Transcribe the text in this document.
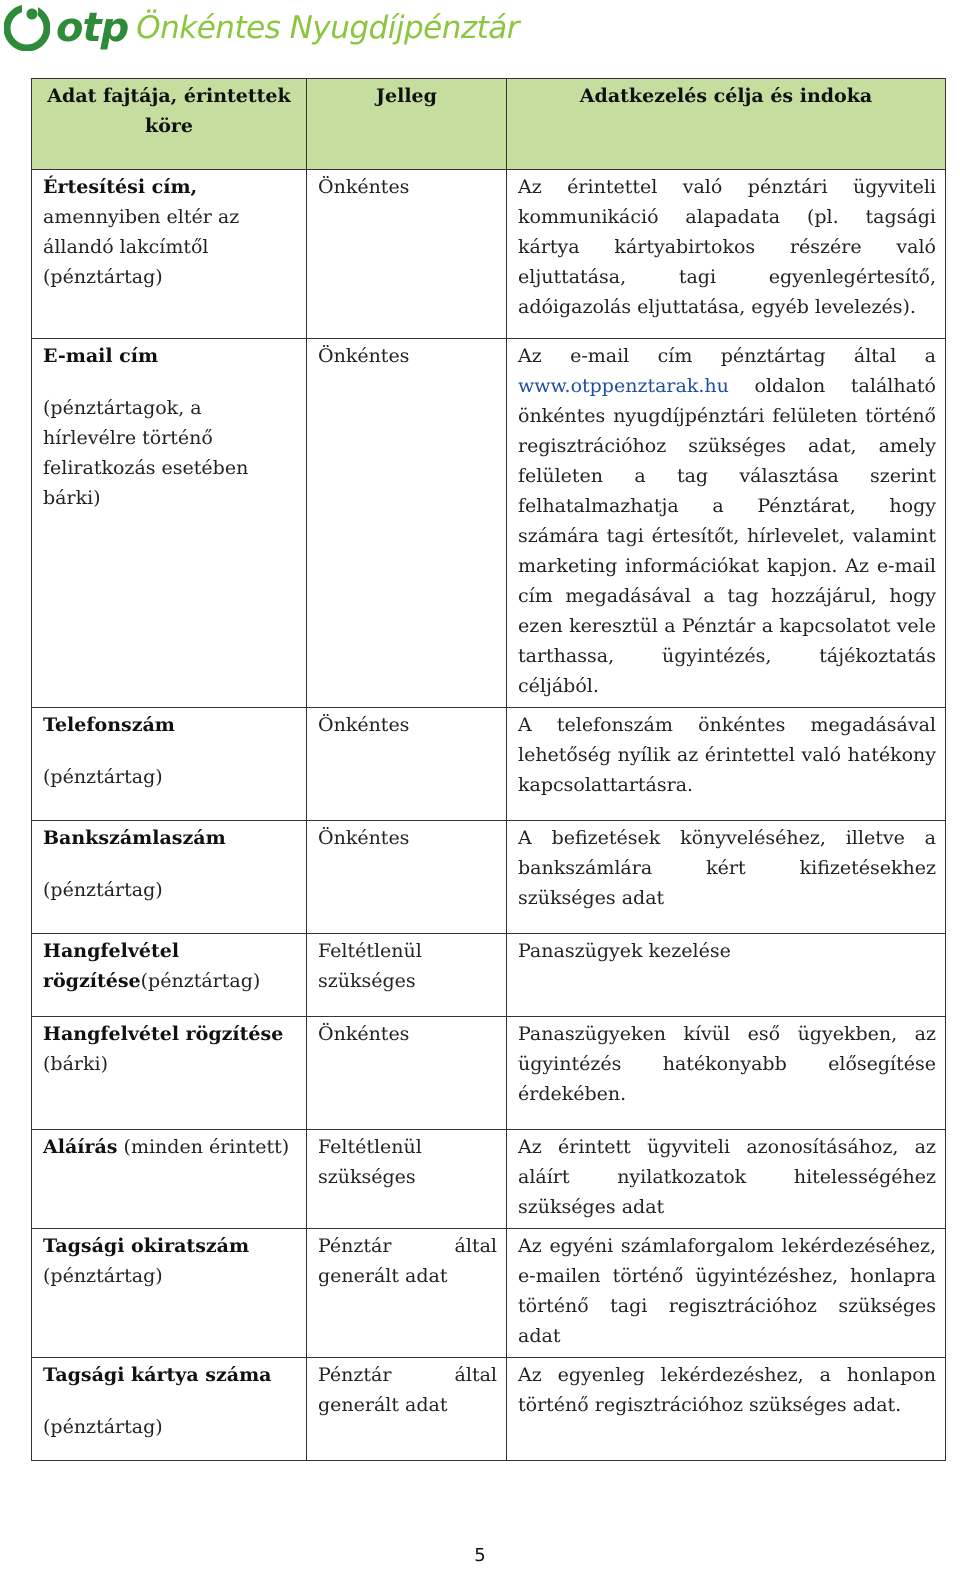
otp Önkéntes Nyugdíjpénztár
Adat fajtája, érintettek köre	Jelleg	Adatkezelés célja és indoka
Értesítési cím,
amennyiben eltér az állandó lakcímtől (pénztártag)	Önkéntes	Az érintettel való pénztári ügyviteli kommunikáció alapadata (pl. tagsági kártya kártyabirtokos részére való eljuttatása, tagi egyenlegértesítő, adóigazolás eljuttatása, egyéb levelezés).
E-mail cím
(pénztártagok, a hírlevélre történő feliratkozás esetében bárki)	Önkéntes	Az e-mail cím pénztártag által a www.otppenztarak.hu oldalon található önkéntes nyugdíjpénztári felületen történő regisztrációhoz szükséges adat, amely felületen a tag választása szerint felhatalmazhatja a Pénztárat, hogy számára tagi értesítőt, hírlevelet, valamint marketing információkat kapjon. Az e-mail cím megadásával a tag hozzájárul, hogy ezen keresztül a Pénztár a kapcsolatot vele tarthassa, ügyintézés, tájékoztatás céljából.
Telefonszám
(pénztártag)	Önkéntes	A telefonszám önkéntes megadásával lehetőség nyílik az érintettel való hatékony kapcsolattartásra.
Bankszámlaszám
(pénztártag)	Önkéntes	A befizetések könyveléséhez, illetve a bankszámlára kért kifizetésekhez szükséges adat
Hangfelvétel rögzítése(pénztártag)	Feltétlenül szükséges	Panaszügyek kezelése
Hangfelvétel rögzítése
(bárki)	Önkéntes	Panaszügyeken kívül eső ügyekben, az ügyintézés hatékonyabb elősegítése érdekében.
Aláírás (minden érintett)	Feltétlenül szükséges	Az érintett ügyviteli azonosításához, az aláírt nyilatkozatok hitelességéhez szükséges adat
Tagsági okiratszám
(pénztártag)	Pénztár által generált adat	Az egyéni számlaforgalom lekérdezéséhez, e-mailen történő ügyintézéshez, honlapra történő tagi regisztrációhoz szükséges adat
Tagsági kártya száma
(pénztártag)	Pénztár által generált adat	Az egyenleg lekérdezéshez, a honlapon történő regisztrációhoz szükséges adat.
5
